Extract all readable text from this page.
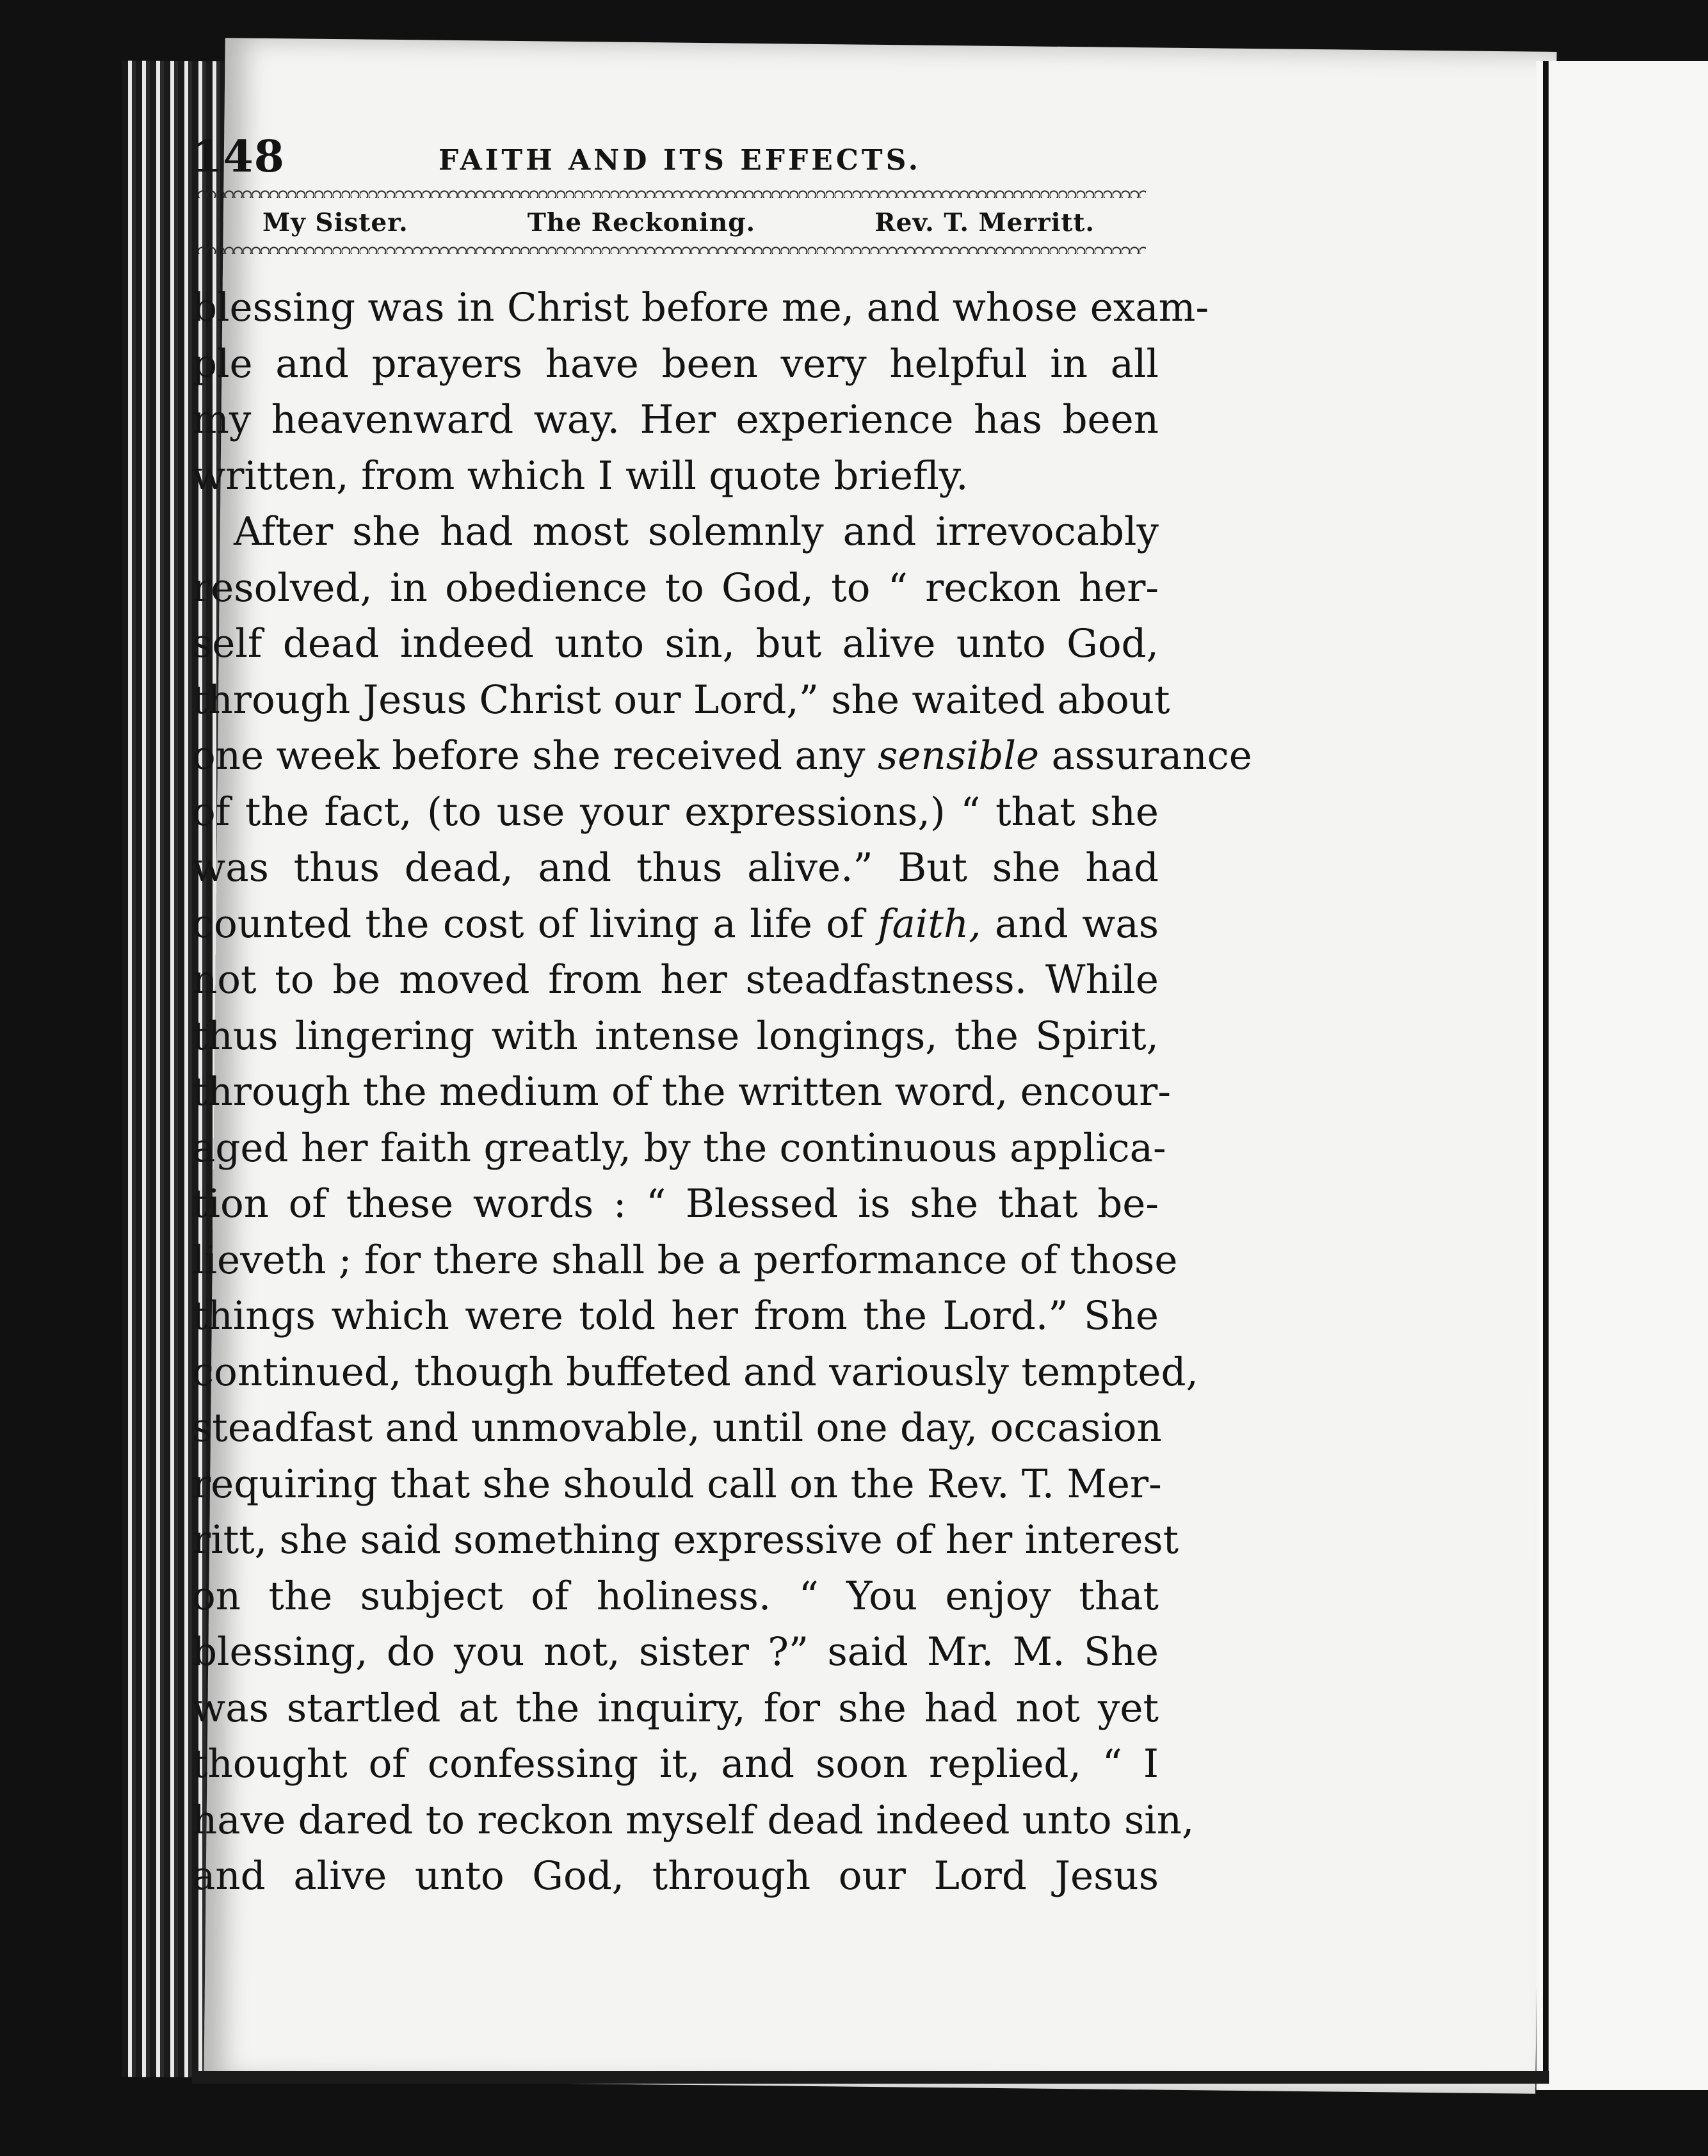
148	FAITH AND ITS EFFECTS.
My Sister.	The Reckoning.	Rev. T. Merritt.
blessing was in Christ before me, and whose exam-
ple and prayers have been very helpful in all
my heavenward way. Her experience has been
written, from which I will quote briefly.
After she had most solemnly and irrevocably
resolved, in obedience to God, to “ reckon her-
self dead indeed unto sin, but alive unto God,
through Jesus Christ our Lord,” she waited about
one week before she received any sensible assurance
of the fact, (to use your expressions,) “ that she
was thus dead, and thus alive.” But she had
counted the cost of living a life of faith, and was
not to be moved from her steadfastness. While
thus lingering with intense longings, the Spirit,
through the medium of the written word, encour-
aged her faith greatly, by the continuous applica-
tion of these words : “ Blessed is she that be-
lieveth ; for there shall be a performance of those
things which were told her from the Lord.” She
continued, though buffeted and variously tempted,
steadfast and unmovable, until one day, occasion
requiring that she should call on the Rev. T. Mer-
ritt, she said something expressive of her interest
on the subject of holiness. “ You enjoy that
blessing, do you not, sister ?” said Mr. M. She
was startled at the inquiry, for she had not yet
thought of confessing it, and soon replied, “ I
have dared to reckon myself dead indeed unto sin,
and alive unto God, through our Lord Jesus
